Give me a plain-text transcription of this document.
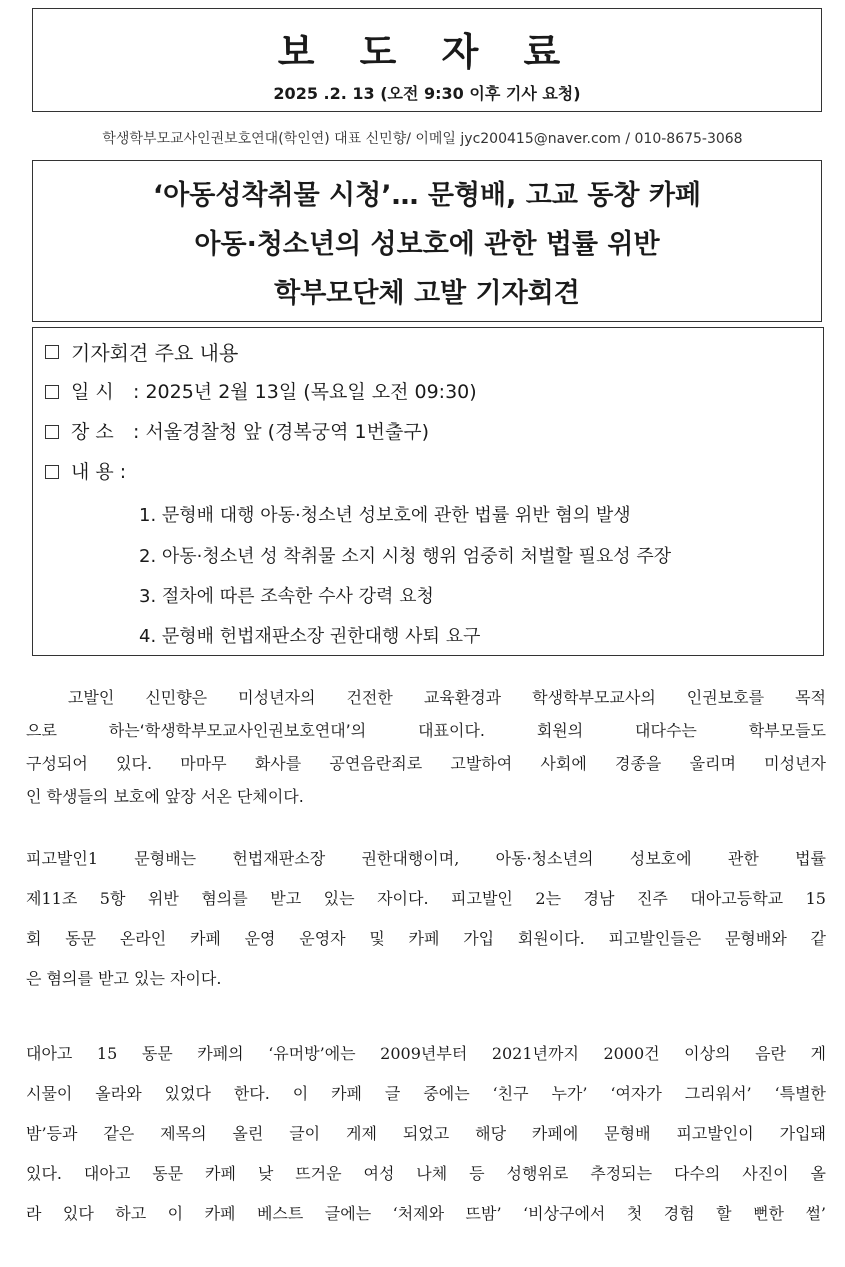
보 도 자 료
2025 .2. 13 (오전 9:30 이후 기사 요청)
학생학부모교사인권보호연대(학인연) 대표 신민향/ 이메일 jyc200415@naver.com / 010-8675-3068
‘아동성착취물 시청’… 문형배, 고교 동창 카페
아동·청소년의 성보호에 관한 법률 위반
학부모단체 고발 기자회견
기자회견 주요 내용
일 시 : 2025년 2월 13일 (목요일 오전 09:30)
장 소 : 서울경찰청 앞 (경복궁역 1번출구)
내 용 :
1. 문형배 대행 아동·청소년 성보호에 관한 법률 위반 혐의 발생
2. 아동·청소년 성 착취물 소지 시청 행위 엄중히 처벌할 필요성 주장
3. 절차에 따른 조속한 수사 강력 요청
4. 문형배 헌법재판소장 권한대행 사퇴 요구
　고발인 신민향은 미성년자의 건전한 교육환경과 학생학부모교사의 인권보호를 목적
으로 하는‘학생학부모교사인권보호연대’의 대표이다. 회원의 대다수는 학부모들도
구성되어 있다. 마마무 화사를 공연음란죄로 고발하여 사회에 경종을 울리며 미성년자
인 학생들의 보호에 앞장 서온 단체이다.
피고발인1 문형배는 헌법재판소장 권한대행이며, 아동·청소년의 성보호에 관한 법률
제11조 5항 위반 혐의를 받고 있는 자이다. 피고발인 2는 경남 진주 대아고등학교 15
회 동문 온라인 카페 운영 운영자 및 카페 가입 회원이다. 피고발인들은 문형배와 같
은 혐의를 받고 있는 자이다.
대아고 15 동문 카페의 ‘유머방’에는 2009년부터 2021년까지 2000건 이상의 음란 게
시물이 올라와 있었다 한다. 이 카페 글 중에는 ‘친구 누가’ ‘여자가 그리워서’ ‘특별한
밤’등과 같은 제목의 올린 글이 게제 되었고 해당 카페에 문형배 피고발인이 가입돼
있다. 대아고 동문 카페 낮 뜨거운 여성 나체 등 성행위로 추정되는 다수의 사진이 올
라 있다 하고 이 카페 베스트 글에는 ‘처제와 뜨밤’ ‘비상구에서 첫 경험 할 뻔한 썰’
